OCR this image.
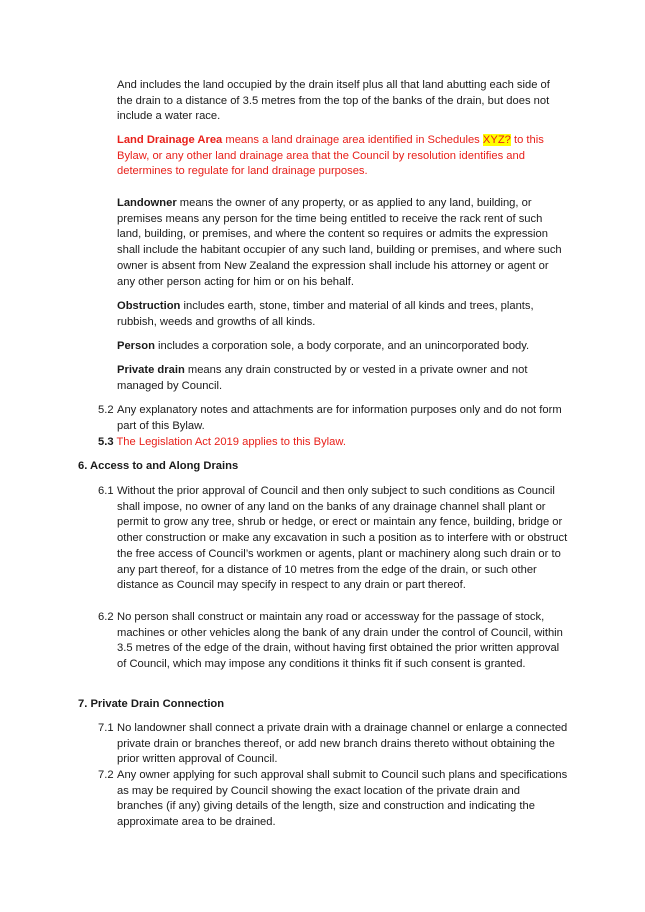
And includes the land occupied by the drain itself plus all that land abutting each side of the drain to a distance of 3.5 metres from the top of the banks of the drain, but does not include a water race.

Land Drainage Area means a land drainage area identified in Schedules XYZ? to this Bylaw, or any other land drainage area that the Council by resolution identifies and determines to regulate for land drainage purposes.

Landowner means the owner of any property, or as applied to any land, building, or premises means any person for the time being entitled to receive the rack rent of such land, building, or premises, and where the content so requires or admits the expression shall include the habitant occupier of any such land, building or premises, and where such owner is absent from New Zealand the expression shall include his attorney or agent or any other person acting for him or on his behalf.

Obstruction includes earth, stone, timber and material of all kinds and trees, plants, rubbish, weeds and growths of all kinds.

Person includes a corporation sole, a body corporate, and an unincorporated body.

Private drain means any drain constructed by or vested in a private owner and not managed by Council.

5.2 Any explanatory notes and attachments are for information purposes only and do not form part of this Bylaw.
5.3 The Legislation Act 2019 applies to this Bylaw.
6. Access to and Along Drains
6.1 Without the prior approval of Council and then only subject to such conditions as Council shall impose, no owner of any land on the banks of any drainage channel shall plant or permit to grow any tree, shrub or hedge, or erect or maintain any fence, building, bridge or other construction or make any excavation in such a position as to interfere with or obstruct the free access of Council’s workmen or agents, plant or machinery along such drain or to any part thereof, for a distance of 10 metres from the edge of the drain, or such other distance as Council may specify in respect to any drain or part thereof.
6.2 No person shall construct or maintain any road or accessway for the passage of stock, machines or other vehicles along the bank of any drain under the control of Council, within 3.5 metres of the edge of the drain, without having first obtained the prior written approval of Council, which may impose any conditions it thinks fit if such consent is granted.
7. Private Drain Connection
7.1 No landowner shall connect a private drain with a drainage channel or enlarge a connected private drain or branches thereof, or add new branch drains thereto without obtaining the prior written approval of Council.
7.2 Any owner applying for such approval shall submit to Council such plans and specifications as may be required by Council showing the exact location of the private drain and branches (if any) giving details of the length, size and construction and indicating the approximate area to be drained.
